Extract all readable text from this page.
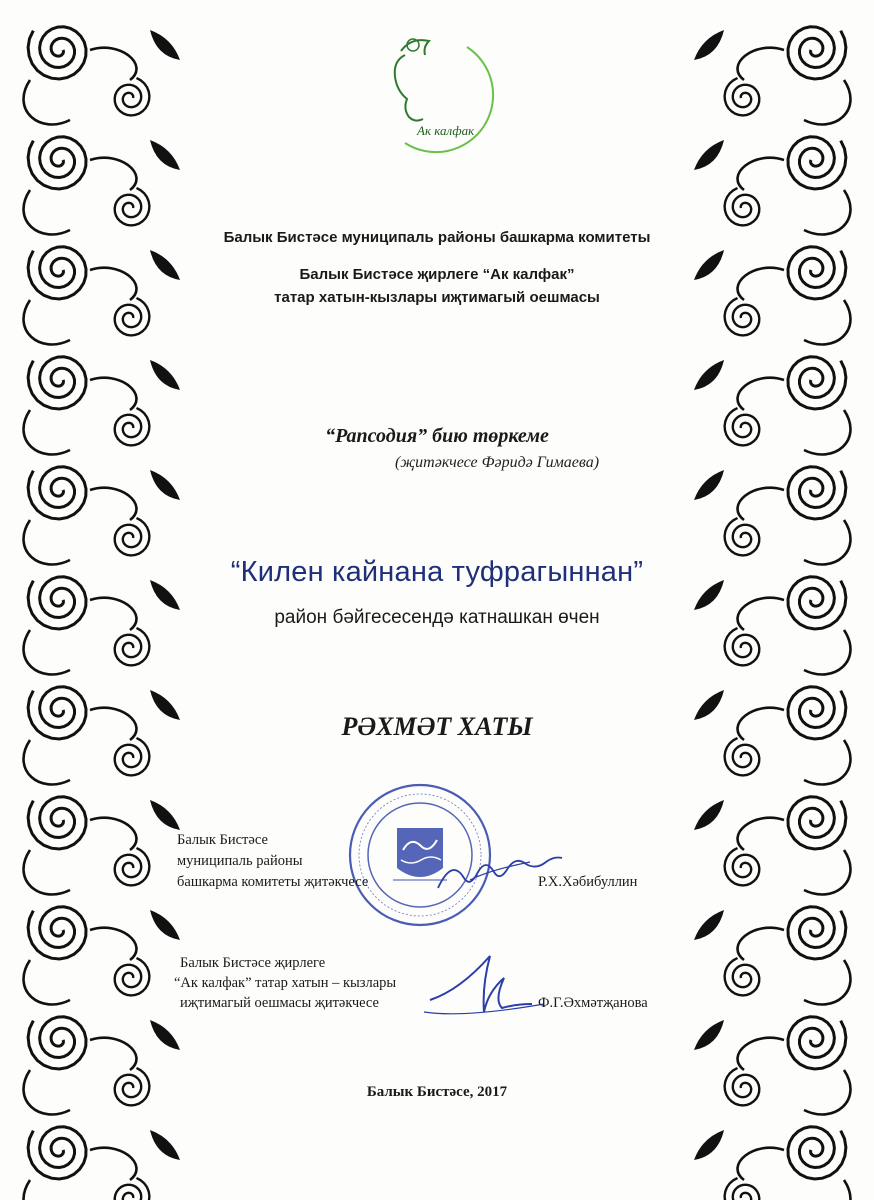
Ак калфак

Балык Бистәсе муниципаль районы башкарма комитеты

Балык Бистәсе җирлеге “Ак калфак”

татар хатын-кызлары иҗтимагый оешмасы

“Рапсодия” бию төркеме

(җитәкчесе Фәридә Гимаева)

“Килен кайнана туфрагыннан”

район бәйгесесендә катнашкан өчен

РӘХМӘТ ХАТЫ

Балык Бистәсе

муниципаль районы

башкарма комитеты җитәкчесе	Р.Х.Хәбибуллин

Балык Бистәсе җирлеге

“Ак калфак” татар хатын – кызлары

иҗтимагый оешмасы җитәкчесе	Ф.Г.Әхмәтҗанова

Балык Бистәсе, 2017
